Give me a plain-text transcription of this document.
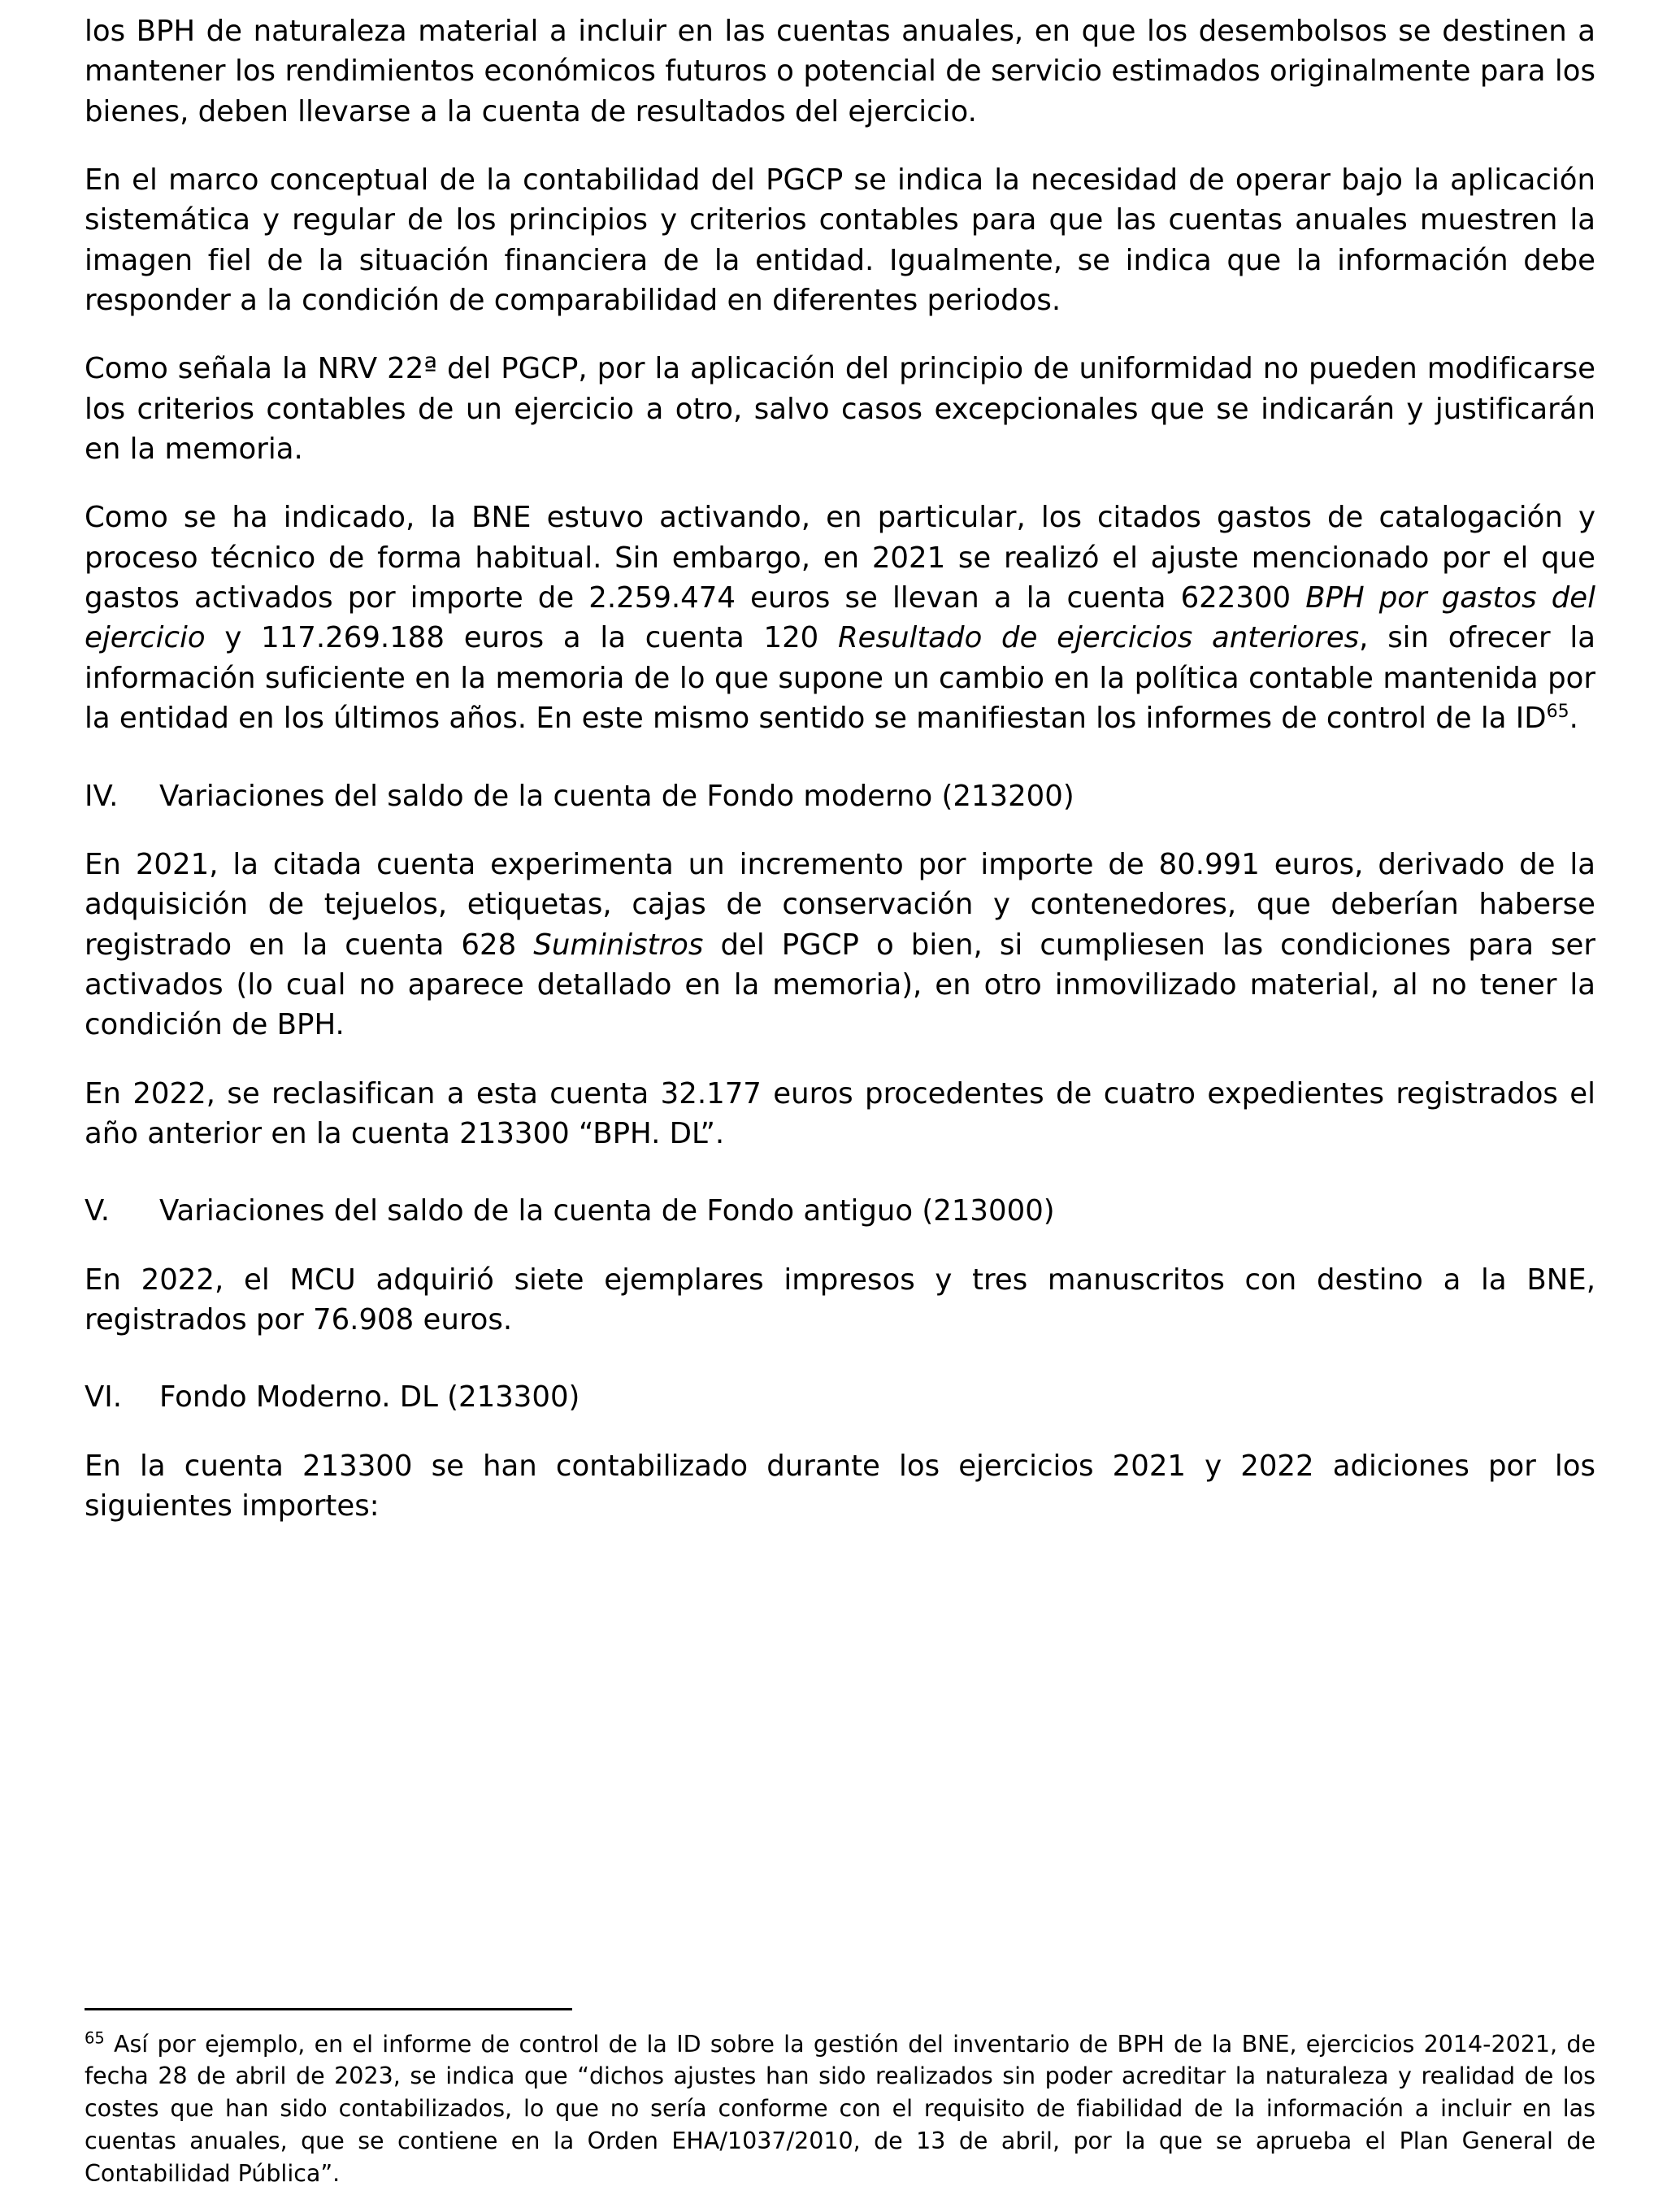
los BPH de naturaleza material a incluir en las cuentas anuales, en que los desembolsos se destinen a mantener los rendimientos económicos futuros o potencial de servicio estimados originalmente para los bienes, deben llevarse a la cuenta de resultados del ejercicio.

En el marco conceptual de la contabilidad del PGCP se indica la necesidad de operar bajo la aplicación sistemática y regular de los principios y criterios contables para que las cuentas anuales muestren la imagen fiel de la situación financiera de la entidad. Igualmente, se indica que la información debe responder a la condición de comparabilidad en diferentes periodos.

Como señala la NRV 22ª del PGCP, por la aplicación del principio de uniformidad no pueden modificarse los criterios contables de un ejercicio a otro, salvo casos excepcionales que se indicarán y justificarán en la memoria.

Como se ha indicado, la BNE estuvo activando, en particular, los citados gastos de catalogación y proceso técnico de forma habitual. Sin embargo, en 2021 se realizó el ajuste mencionado por el que gastos activados por importe de 2.259.474 euros se llevan a la cuenta 622300 BPH por gastos del ejercicio y 117.269.188 euros a la cuenta 120 Resultado de ejercicios anteriores, sin ofrecer la información suficiente en la memoria de lo que supone un cambio en la política contable mantenida por la entidad en los últimos años. En este mismo sentido se manifiestan los informes de control de la ID$^{65}$.

IV.	Variaciones del saldo de la cuenta de Fondo moderno (213200)

En 2021, la citada cuenta experimenta un incremento por importe de 80.991 euros, derivado de la adquisición de tejuelos, etiquetas, cajas de conservación y contenedores, que deberían haberse registrado en la cuenta 628 Suministros del PGCP o bien, si cumpliesen las condiciones para ser activados (lo cual no aparece detallado en la memoria), en otro inmovilizado material, al no tener la condición de BPH.

En 2022, se reclasifican a esta cuenta 32.177 euros procedentes de cuatro expedientes registrados el año anterior en la cuenta 213300 “BPH. DL”.

V.	Variaciones del saldo de la cuenta de Fondo antiguo (213000)

En 2022, el MCU adquirió siete ejemplares impresos y tres manuscritos con destino a la BNE, registrados por 76.908 euros.

VI.	Fondo Moderno. DL (213300)

En la cuenta 213300 se han contabilizado durante los ejercicios 2021 y 2022 adiciones por los siguientes importes:

$^{65}$ Así por ejemplo, en el informe de control de la ID sobre la gestión del inventario de BPH de la BNE, ejercicios 2014-2021, de fecha 28 de abril de 2023, se indica que “dichos ajustes han sido realizados sin poder acreditar la naturaleza y realidad de los costes que han sido contabilizados, lo que no sería conforme con el requisito de fiabilidad de la información a incluir en las cuentas anuales, que se contiene en la Orden EHA/1037/2010, de 13 de abril, por la que se aprueba el Plan General de Contabilidad Pública”.
